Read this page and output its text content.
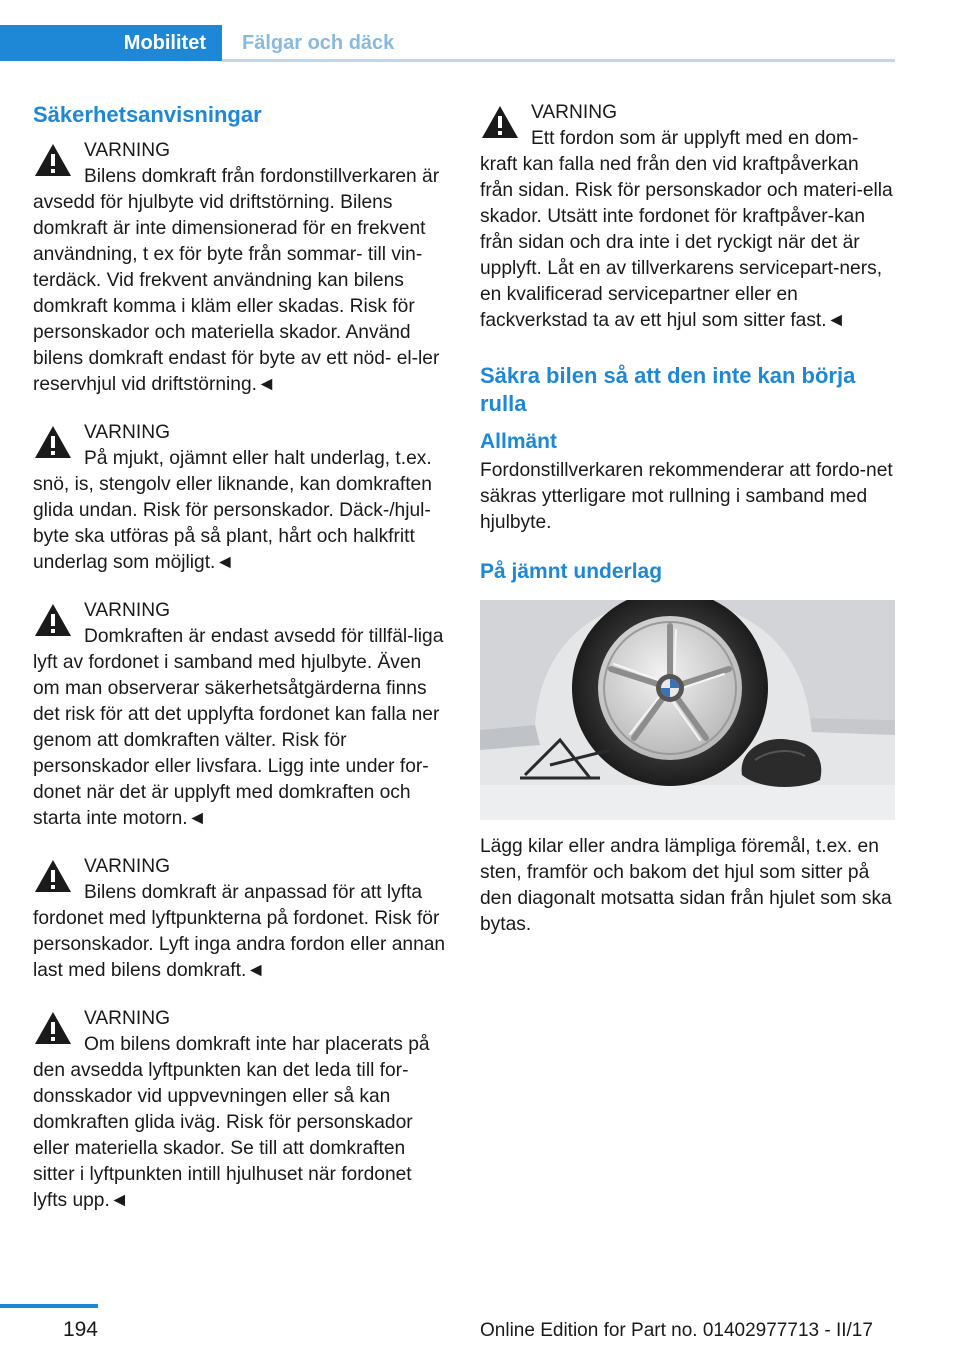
Mobilitet	Fälgar och däck
Säkerhetsanvisningar
VARNING
Bilens domkraft från fordonstillverkaren är avsedd för hjulbyte vid driftstörning. Bilens domkraft är inte dimensionerad för en frekvent användning, t ex för byte från sommar- till vin-terdäck. Vid frekvent användning kan bilens domkraft komma i kläm eller skadas. Risk för personskador och materiella skador. Använd bilens domkraft endast för byte av ett nöd- el-ler reservhjul vid driftstörning.◄
VARNING
På mjukt, ojämnt eller halt underlag, t.ex. snö, is, stengolv eller liknande, kan domkraften glida undan. Risk för personskador. Däck-/hjul-byte ska utföras på så plant, hårt och halkfritt underlag som möjligt.◄
VARNING
Domkraften är endast avsedd för tillfäl-liga lyft av fordonet i samband med hjulbyte. Även om man observerar säkerhetsåtgärderna finns det risk för att det upplyfta fordonet kan falla ner genom att domkraften välter. Risk för personskador eller livsfara. Ligg inte under for-donet när det är upplyft med domkraften och starta inte motorn.◄
VARNING
Bilens domkraft är anpassad för att lyfta fordonet med lyftpunkterna på fordonet. Risk för personskador. Lyft inga andra fordon eller annan last med bilens domkraft.◄
VARNING
Om bilens domkraft inte har placerats på den avsedda lyftpunkten kan det leda till for-donsskador vid uppvevningen eller så kan domkraften glida iväg. Risk för personskador eller materiella skador. Se till att domkraften sitter i lyftpunkten intill hjulhuset när fordonet lyfts upp.◄
VARNING
Ett fordon som är upplyft med en dom-kraft kan falla ned från den vid kraftpåverkan från sidan. Risk för personskador och materi-ella skador. Utsätt inte fordonet för kraftpåver-kan från sidan och dra inte i det ryckigt när det är upplyft. Låt en av tillverkarens servicepart-ners, en kvalificerad servicepartner eller en fackverkstad ta av ett hjul som sitter fast.◄
Säkra bilen så att den inte kan börja rulla
Allmänt
Fordonstillverkaren rekommenderar att fordo-net säkras ytterligare mot rullning i samband med hjulbyte.
På jämnt underlag
Lägg kilar eller andra lämpliga föremål, t.ex. en sten, framför och bakom det hjul som sitter på den diagonalt motsatta sidan från hjulet som ska bytas.
194	Online Edition for Part no. 01402977713 - II/17
